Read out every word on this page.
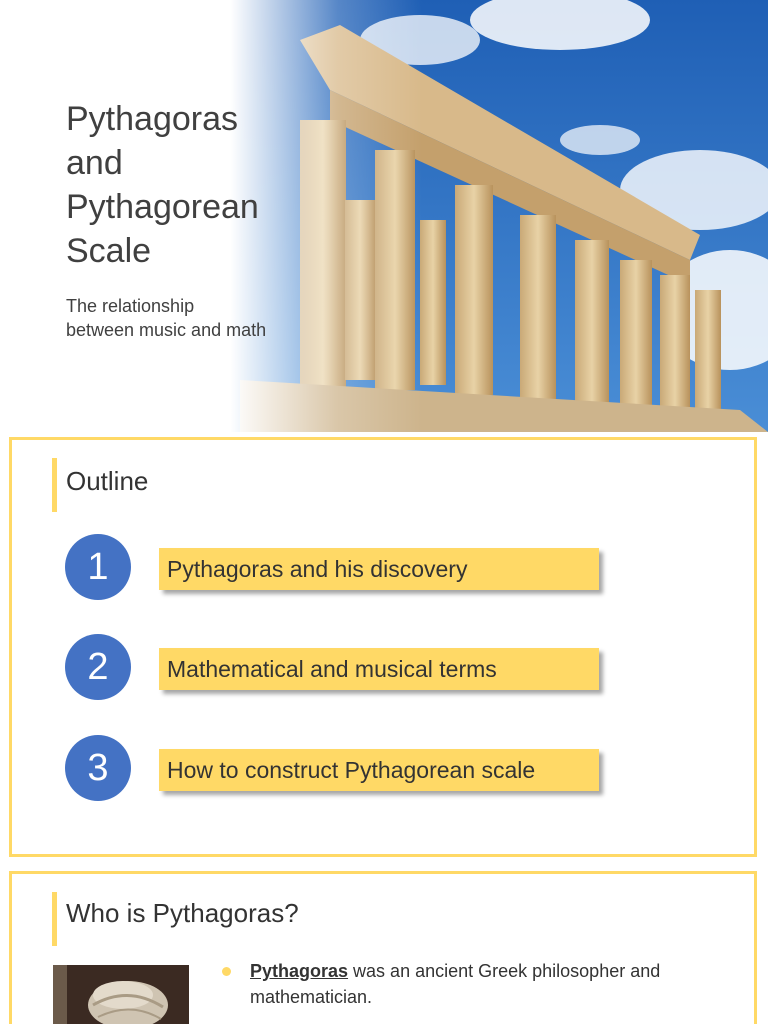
Pythagoras
and
Pythagorean
Scale
The relationship
between music and math
Outline
1	Pythagoras and his discovery
2	Mathematical and musical terms
3	How to construct Pythagorean scale
Who is Pythagoras?
Pythagoras was an ancient Greek philosopher and mathematician.
